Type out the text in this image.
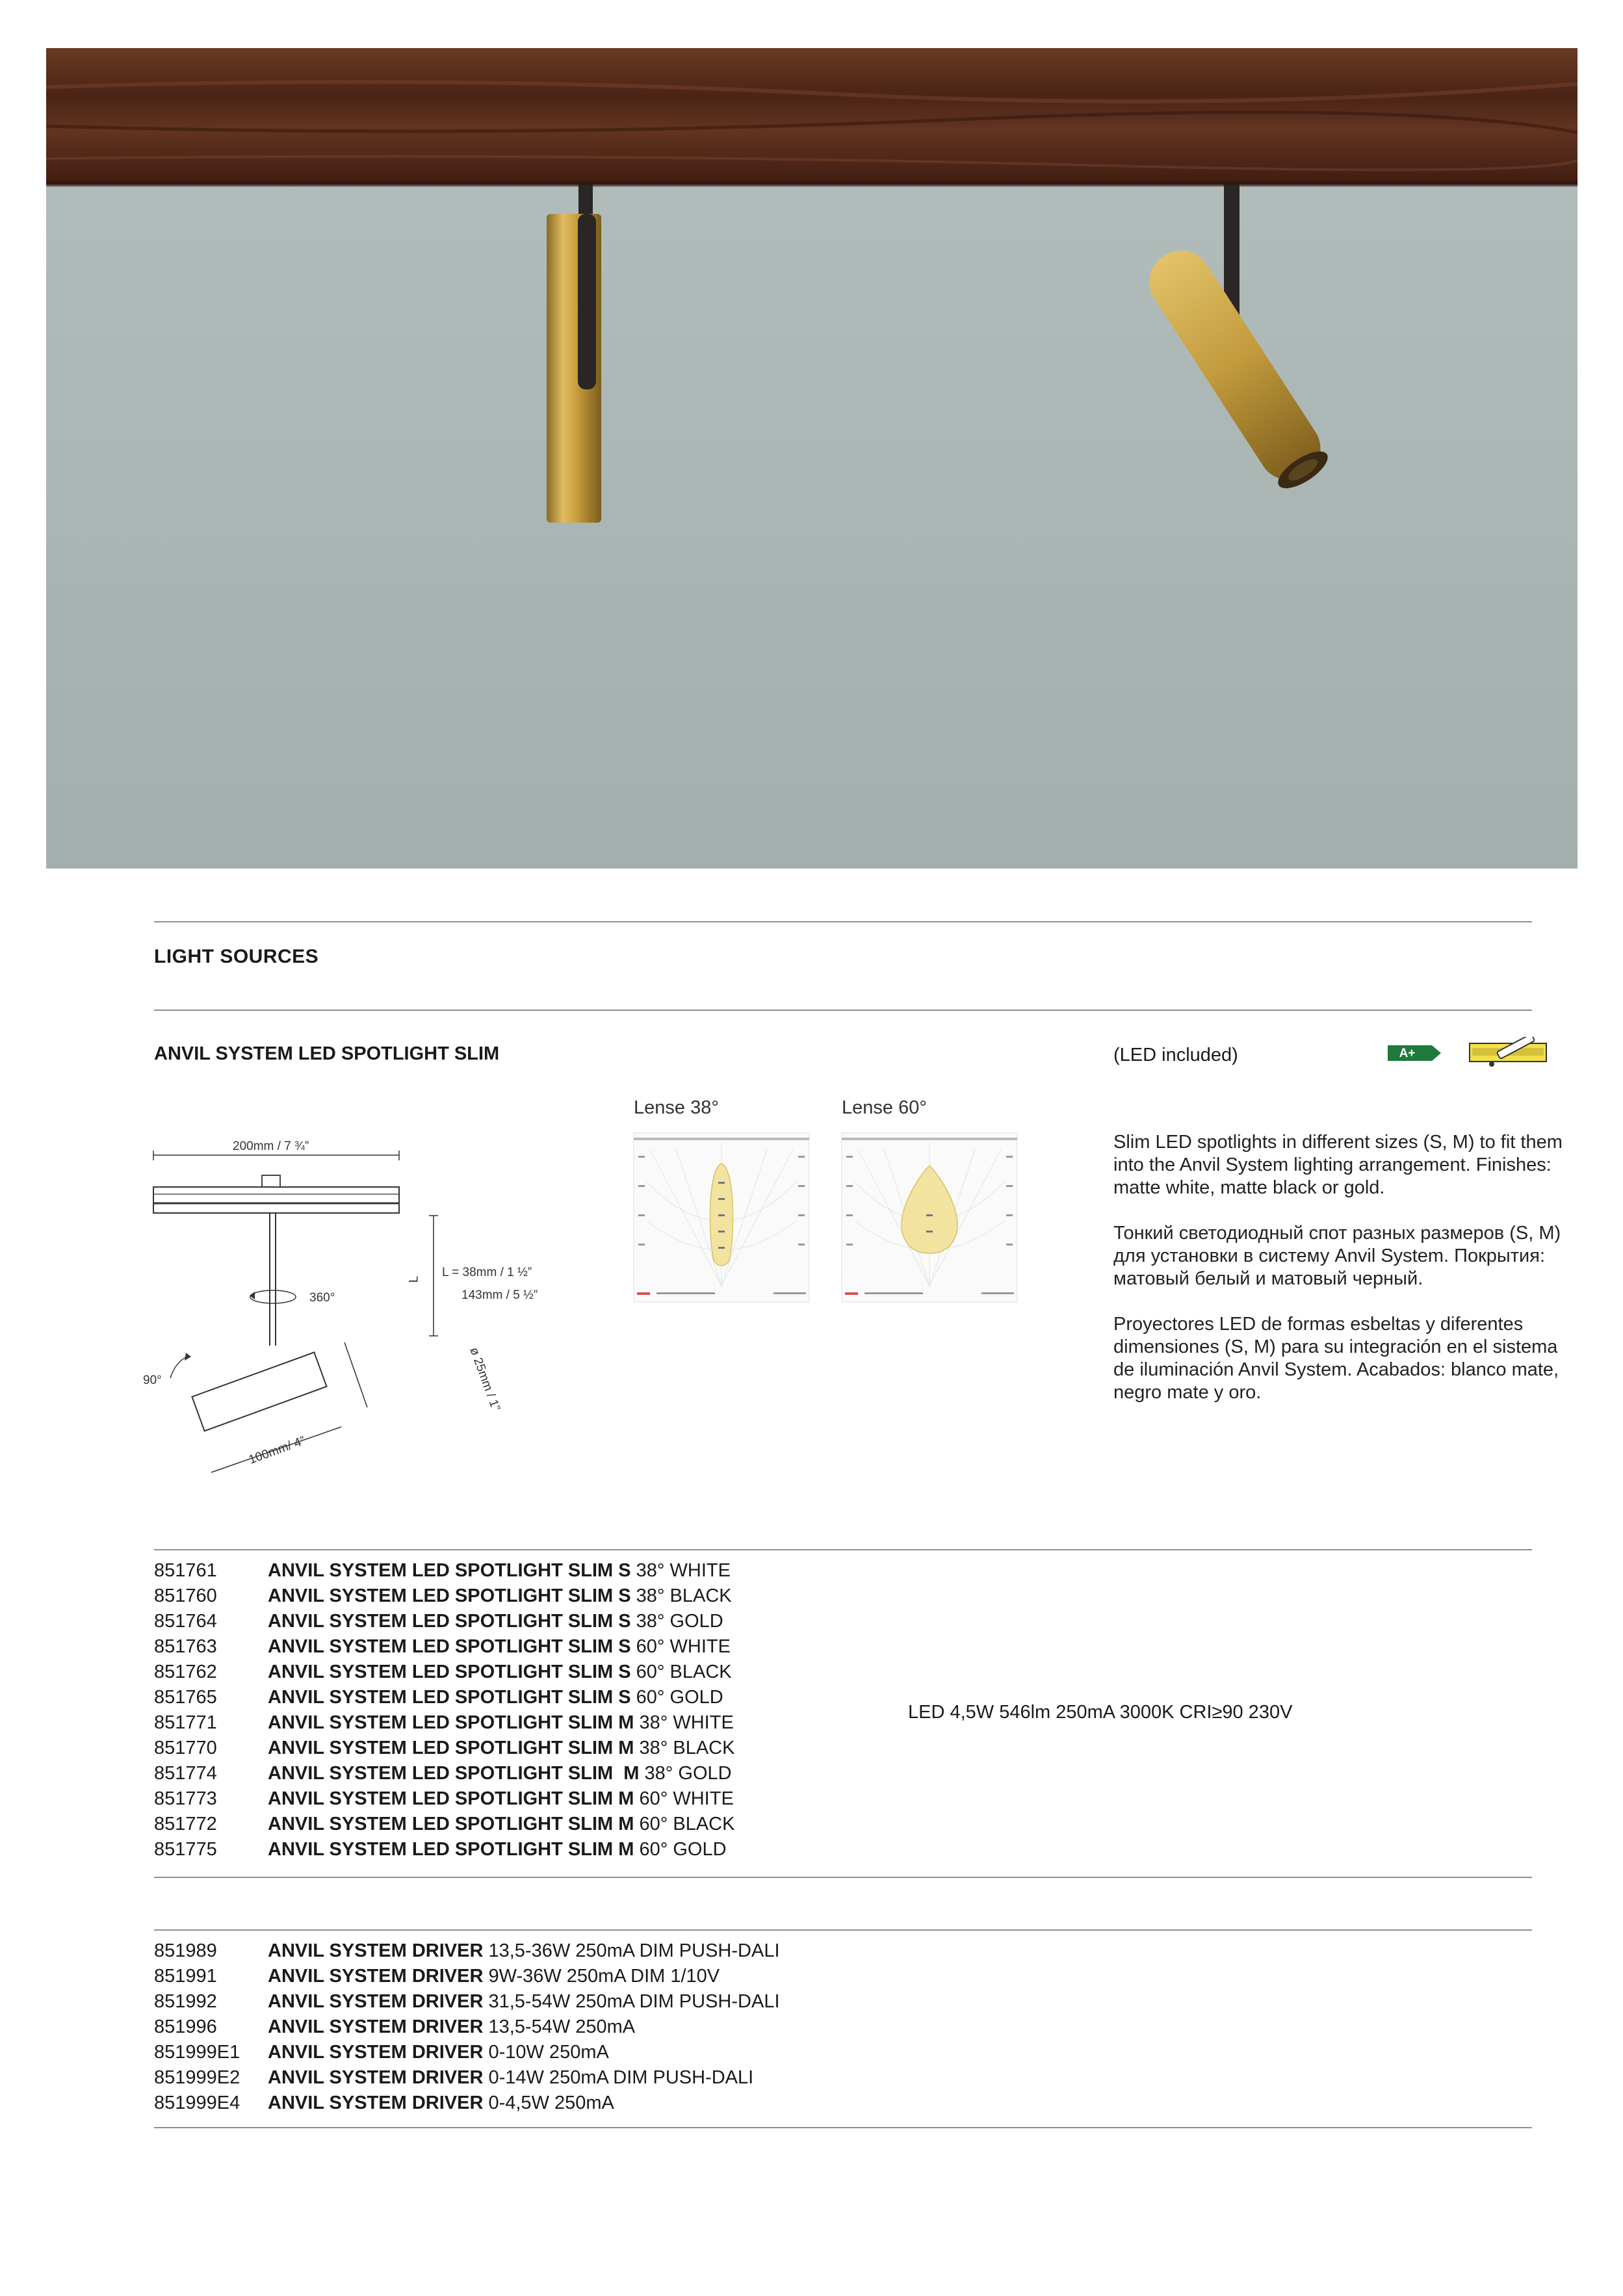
LIGHT SOURCES
ANVIL SYSTEM LED SPOTLIGHT SLIM	(LED included)	A+
200mm / 7 ¾”
L L = 38mm / 1 ½”
143mm / 5 ½”
360°
90°	ø 25mm / 1”
100mm/ 4”
Lense 38°	Lense 60°

Slim LED spotlights in different sizes (S, M) to fit them into the Anvil System lighting arrangement. Finishes: matte white, matte black or gold.

Тонкий светодиодный спот разных размеров (S, M) для установки в систему Anvil System. Покрытия: матовый белый и матовый черный.

Proyectores LED de formas esbeltas y diferentes dimensiones (S, M) para su integración en el sistema de iluminación Anvil System. Acabados: blanco mate, negro mate y oro.

851761	ANVIL SYSTEM LED SPOTLIGHT SLIM S 38° WHITE
851760	ANVIL SYSTEM LED SPOTLIGHT SLIM S 38° BLACK
851764	ANVIL SYSTEM LED SPOTLIGHT SLIM S 38° GOLD
851763	ANVIL SYSTEM LED SPOTLIGHT SLIM S 60° WHITE
851762	ANVIL SYSTEM LED SPOTLIGHT SLIM S 60° BLACK
851765	ANVIL SYSTEM LED SPOTLIGHT SLIM S 60° GOLD
851771	ANVIL SYSTEM LED SPOTLIGHT SLIM M 38° WHITE
851770	ANVIL SYSTEM LED SPOTLIGHT SLIM M 38° BLACK
851774	ANVIL SYSTEM LED SPOTLIGHT SLIM  M 38° GOLD
851773	ANVIL SYSTEM LED SPOTLIGHT SLIM M 60° WHITE
851772	ANVIL SYSTEM LED SPOTLIGHT SLIM M 60° BLACK
851775	ANVIL SYSTEM LED SPOTLIGHT SLIM M 60° GOLD
LED 4,5W 546lm 250mA 3000K CRI≥90 230V
851989	ANVIL SYSTEM DRIVER 13,5-36W 250mA DIM PUSH-DALI
851991	ANVIL SYSTEM DRIVER 9W-36W 250mA DIM 1/10V
851992	ANVIL SYSTEM DRIVER 31,5-54W 250mA DIM PUSH-DALI
851996	ANVIL SYSTEM DRIVER 13,5-54W 250mA
851999E1 ANVIL SYSTEM DRIVER 0-10W 250mA
851999E2 ANVIL SYSTEM DRIVER 0-14W 250mA DIM PUSH-DALI
851999E4 ANVIL SYSTEM DRIVER 0-4,5W 250mA
